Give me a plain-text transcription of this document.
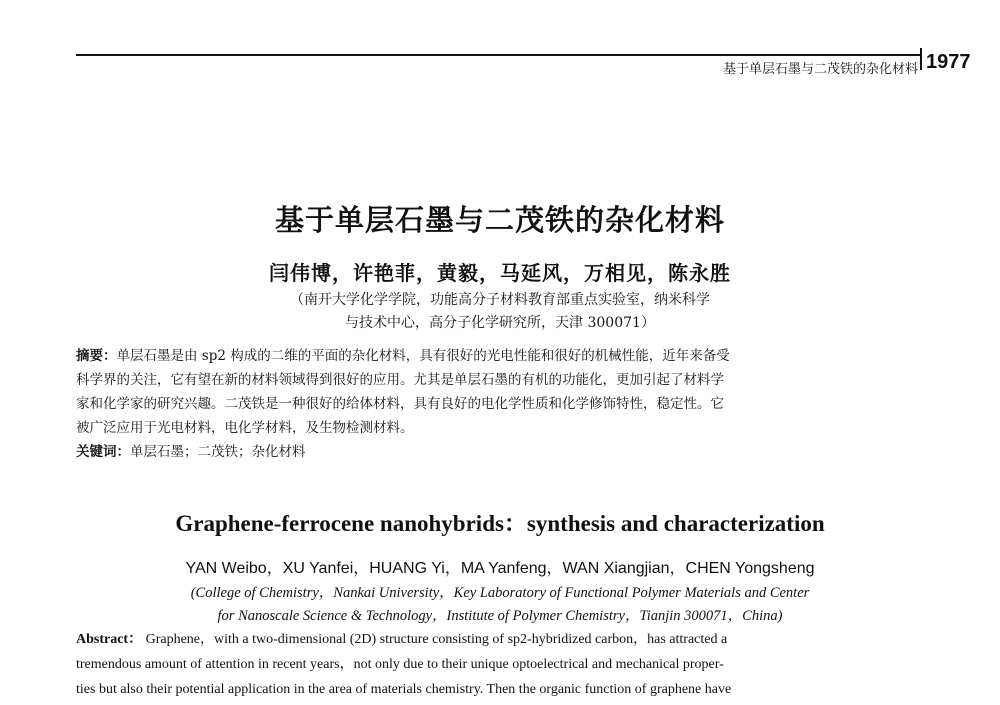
基于单层石墨与二茂铁的杂化材料 1977

基于单层石墨与二茂铁的杂化材料

闫伟博，许艳菲，黄毅，马延风，万相见，陈永胜

（南开大学化学学院，功能高分子材料教育部重点实验室，纳米科学

与技术中心，高分子化学研究所，天津 300071）

摘要：单层石墨是由 sp2 构成的二维的平面的杂化材料，具有很好的光电性能和很好的机械性能，近年来备受
科学界的关注，它有望在新的材料领域得到很好的应用。尤其是单层石墨的有机的功能化，更加引起了材料学
家和化学家的研究兴趣。二茂铁是一种很好的给体材料，具有良好的电化学性质和化学修饰特性，稳定性。它
被广泛应用于光电材料，电化学材料，及生物检测材料。
关键词：单层石墨；二茂铁；杂化材料
Graphene-ferrocene nanohybrids：synthesis and characterization

YAN Weibo，XU Yanfei，HUANG Yi，MA Yanfeng，WAN Xiangjian，CHEN Yongsheng

(College of Chemistry，Nankai University，Key Laboratory of Functional Polymer Materials and Center

for Nanoscale Science & Technology，Institute of Polymer Chemistry，Tianjin 300071，China)

Abstract： Graphene，with a two-dimensional (2D) structure consisting of sp2-hybridized carbon，has attracted a
tremendous amount of attention in recent years，not only due to their unique optoelectrical and mechanical proper-
ties but also their potential application in the area of materials chemistry. Then the organic function of graphene have
